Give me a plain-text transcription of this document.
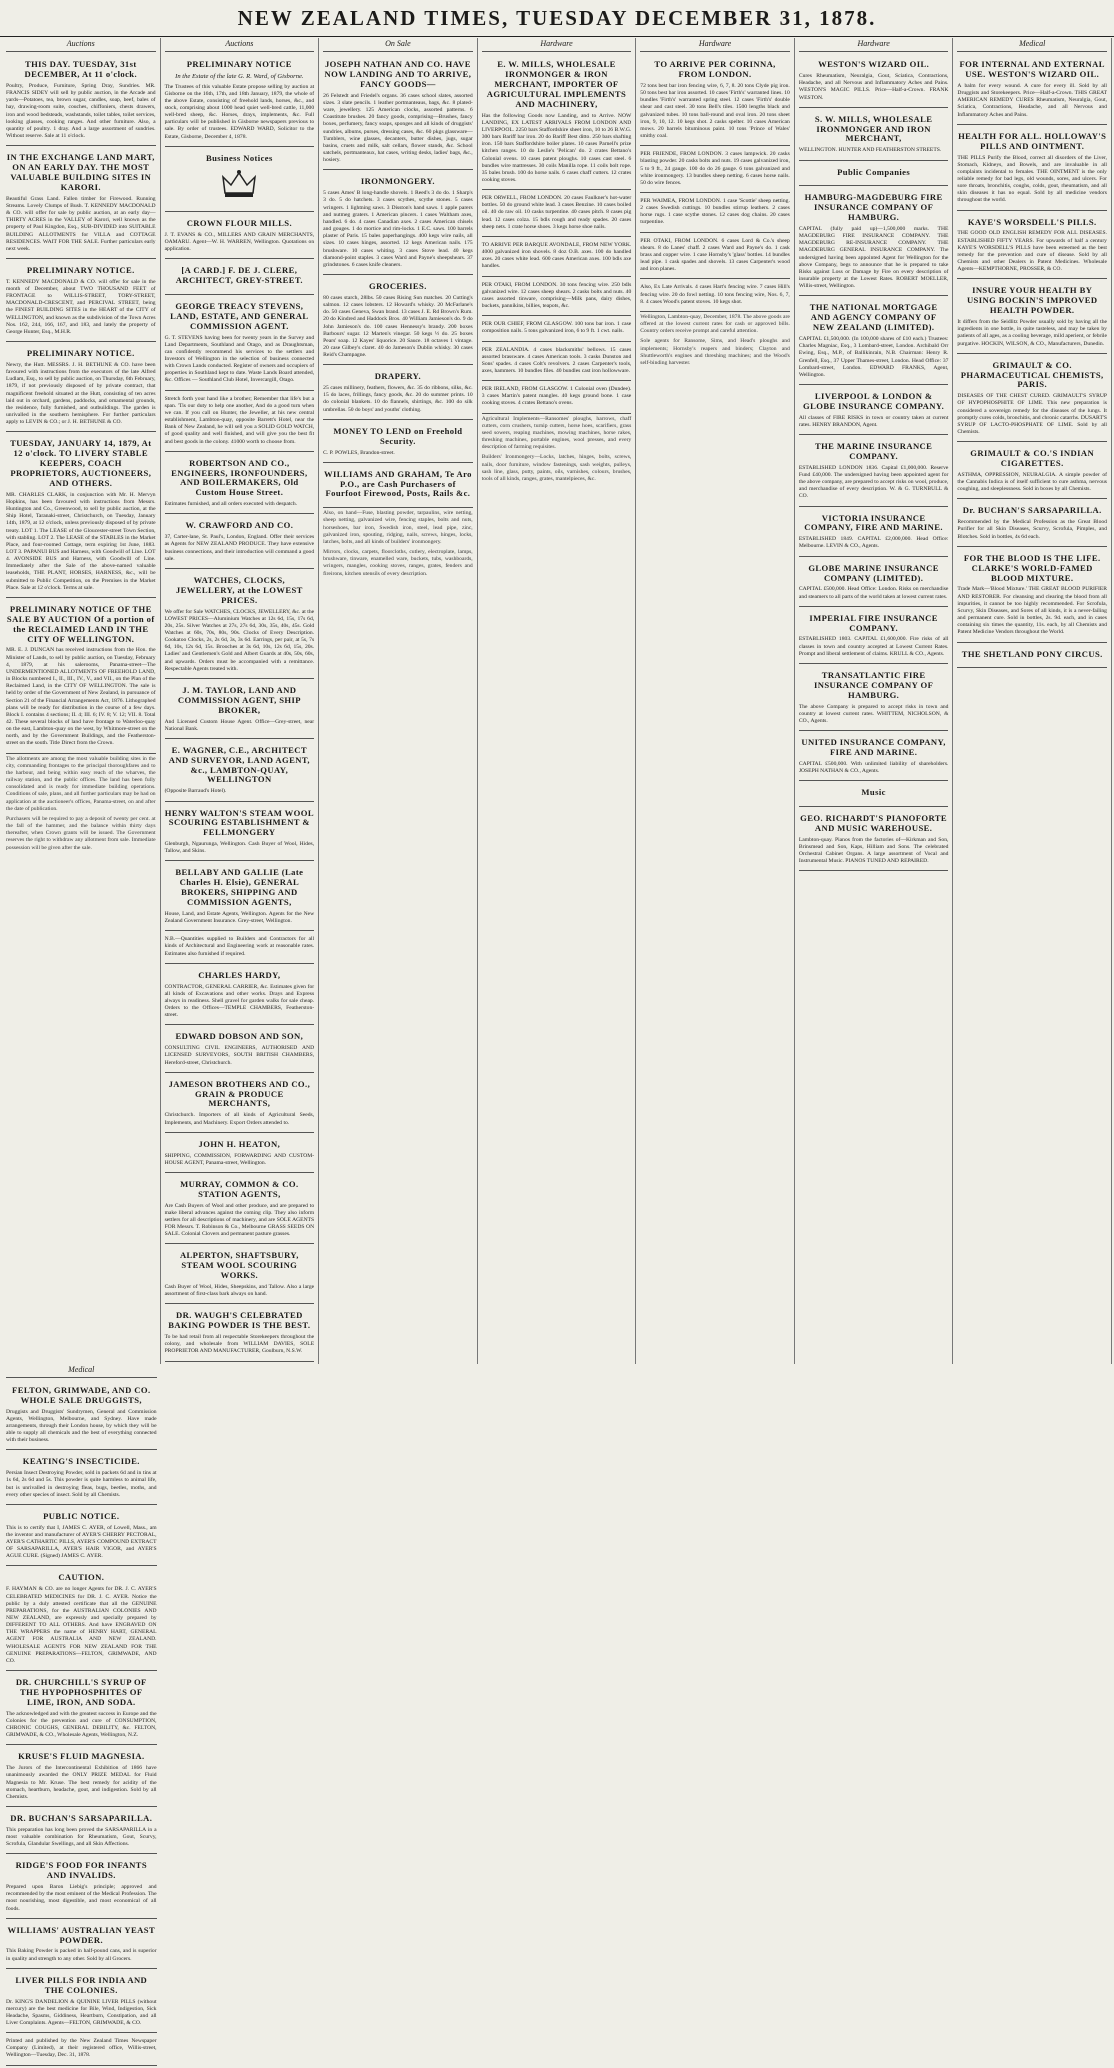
NEW ZEALAND TIMES, TUESDAY DECEMBER 31, 1878.
Auctions
THIS DAY. TUESDAY, 31st DECEMBER, At 11 o'clock.
Poultry, Produce, Furniture, Spring Dray, Sundries. MR. FRANCIS SIDEY will sell by public auction, in the Arcade and yards—Potatoes, tea, brown sugar, candles, soap, beef, bales of hay, drawing-room suite, couches, chiffoniers, chests drawers, iron and wood bedsteads, washstands, toilet tables, toilet services, looking glasses, cooking ranges. And other furniture. Also, a quantity of poultry. 1 dray. And a large assortment of sundries. Without reserve. Sale at 11 o'clock.
IN THE EXCHANGE LAND MART, ON AN EARLY DAY. THE MOST VALUABLE BUILDING SITES IN KARORI.
Beautiful Grass Land. Fallen timber for Firewood. Running Streams. Lovely Clumps of Bush. T. KENNEDY MACDONALD & CO. will offer for sale by public auction, at an early day—THIRTY ACRES in the VALLEY of Karori, well known as the property of Paul Kingdon, Esq., SUB-DIVIDED into SUITABLE BUILDING ALLOTMENTS for VILLA and COTTAGE RESIDENCES. WAIT FOR THE SALE. Further particulars early next week.
PRELIMINARY NOTICE.
T. KENNEDY MACDONALD & CO. will offer for sale in the month of December, about TWO THOUSAND FEET of FRONTAGE to WILLIS-STREET, TORY-STREET, MACDONALD-CRESCENT, and PERCIVAL STREET, being the FINEST BUILDING SITES in the HEART of the CITY of WELLINGTON, and known as the subdivision of the Town Acres Nos. 162, 244, 166, 167, and 183, and lately the property of George Hunter, Esq., M.H.R.
PRELIMINARY NOTICE.
Newry, the Hutt. MESSRS. J. H. BETHUNE & CO. have been favoured with instructions from the executors of the late Alfred Ludlam, Esq., to sell by public auction, on Thursday, 6th February, 1879, if not previously disposed of by private contract, that magnificent freehold situated at the Hutt, consisting of ten acres laid out in orchard, gardens, paddocks, and ornamental grounds, the residence, fully furnished, and outbuildings. The garden is unrivalled in the southern hemisphere. For further particulars apply to LEVIN & CO.; or J. H. BETHUNE & CO.
TUESDAY, JANUARY 14, 1879, At 12 o'clock. TO LIVERY STABLE KEEPERS, COACH PROPRIETORS, AUCTIONEERS, AND OTHERS.
MR. CHARLES CLARK, in conjunction with Mr. H. Mervyn Hopkins, has been favoured with instructions from Messrs. Huntington and Co., Greenwood, to sell by public auction, at the Ship Hotel, Taranaki-street, Christchurch, on Tuesday, January 14th, 1879, at 12 o'clock, unless previously disposed of by private treaty. LOT 1. The LEASE of the Gloucester-street Town Section, with stabling. LOT 2. The LEASE of the STABLES in the Market Place, and four-roomed Cottage, term expiring 1st June, 1883. LOT 3. PAPANUI BUS and Harness, with Goodwill of Line. LOT 4. AVONSIDE BUS and Harness, with Goodwill of Line. Immediately after the Sale of the above-named valuable leaseholds, THE PLANT, HORSES, HARNESS, &c., will be submitted to Public Competition, on the Premises in the Market Place. Sale at 12 o'clock. Terms at sale.
PRELIMINARY NOTICE OF THE SALE BY AUCTION Of a portion of the RECLAIMED LAND IN THE CITY OF WELLINGTON.
MR. E. J. DUNCAN has received instructions from the Hon. the Minister of Lands, to sell by public auction, on Tuesday, February 4, 1879, at his salerooms, Panama-street—The UNDERMENTIONED ALLOTMENTS OF FREEHOLD LAND, in Blocks numbered I., II., III., IV., V., and VII., on the Plan of the Reclaimed Land, in the CITY OF WELLINGTON. The sale is held by order of the Government of New Zealand, in pursuance of Section 21 of the Financial Arrangements Act, 1876. Lithographed plans will be ready for distribution in the course of a few days. Block I. contains 4 sections; II. 4; III. 6; IV. 8; V. 12; VII. 8. Total 42. These several blocks of land have frontage to Waterloo-quay on the east, Lambton-quay on the west, by Whitmore-street on the north, and by the Government Buildings, and the Featherston-street on the south. Title Direct from the Crown.

The allotments are among the most valuable building sites in the city, commanding frontages to the principal thoroughfares and to the harbour, and being within easy reach of the wharves, the railway station, and the public offices. The land has been fully consolidated and is ready for immediate building operations. Conditions of sale, plans, and all further particulars may be had on application at the auctioneer's offices, Panama-street, on and after the date of publication.

Purchasers will be required to pay a deposit of twenty per cent. at the fall of the hammer, and the balance within thirty days thereafter, when Crown grants will be issued. The Government reserves the right to withdraw any allotment from sale. Immediate possession will be given after the sale.

Auctions
PRELIMINARY NOTICE
In the Estate of the late G. R. Ward, of Gisborne.
The Trustees of this valuable Estate propose selling by auction at Gisborne on the 16th, 17th, and 18th January, 1879, the whole of the above Estate, consisting of freehold lands, horses, &c., and stock, comprising about 1000 head quiet well-bred cattle, 11,000 well-bred sheep, &c. Horses, drays, implements, &c. Full particulars will be published in Gisborne newspapers previous to sale. By order of trustees. EDWARD WARD, Solicitor to the Estate, Gisborne, December 4, 1878.
Business Notices
CROWN FLOUR MILLS.
J. T. EVANS & CO., MILLERS AND GRAIN MERCHANTS, OAMARU. Agent—W. H. WARREN, Wellington. Quotations on application.
[A CARD.] F. DE J. CLERE, ARCHITECT, GREY-STREET.
GEORGE TREACY STEVENS, LAND, ESTATE, AND GENERAL COMMISSION AGENT.
G. T. STEVENS having been for twenty years in the Survey and Land Departments, Southland and Otago, and as Draughtsman, can confidently recommend his services to the settlers and Investors of Wellington in the selection of business connected with Crown Lands conducted. Register of owners and occupiers of properties in Southland kept to date. Waste Lands Board attended, &c. Offices — Southland Club Hotel, Invercargill, Otago.
Stretch forth your hand like a brother; Remember that life's but a span. 'Tis our duty to help one another, And do a good turn when we can. If you call on Hunter, the Jeweller, at his new central establishment, Lambton-quay, opposite Barrett's Hotel, near the Bank of New Zealand, he will sell you a SOLID GOLD WATCH, of good quality and well finished, and will give you the best fit and best goods in the colony. 41000 worth to choose from.
ROBERTSON AND CO., ENGINEERS, IRONFOUNDERS, AND BOILERMAKERS, Old Custom House Street.
Estimates furnished, and all orders executed with despatch.
W. CRAWFORD AND CO.
37, Carter-lane, St. Paul's, London, England. Offer their services as Agents for NEW ZEALAND PRODUCE. They have extensive business connections, and their introduction will command a good sale.
WATCHES, CLOCKS, JEWELLERY, at the LOWEST PRICES.
We offer for Sale WATCHES, CLOCKS, JEWELLERY, &c. at the LOWEST PRICES—Aluminium Watches at 12s 6d, 15s, 17s 6d, 20s, 25s. Silver Watches at 27s, 27s 6d, 30s, 35s, 40s, 45s. Gold Watches at 60s, 70s, 80s, 90s. Clocks of Every Description. Cookatoo Clocks, 2s, 2s 6d, 3s, 3s 6d. Earrings, per pair, at 5s, 7s 6d, 10s, 12s 6d, 15s. Brooches at 3s 6d, 10s, 12s 6d, 15s, 20s. Ladies' and Gentlemen's Gold and Albert Guards at 40s, 50s, 60s, and upwards. Orders must be accompanied with a remittance. Respectable Agents treated with.
J. M. TAYLOR, LAND AND COMMISSION AGENT, SHIP BROKER,
And Licensed Custom House Agent. Office—Grey-street, near National Bank.
E. WAGNER, C.E., ARCHITECT AND SURVEYOR, LAND AGENT, &c., LAMBTON-QUAY, WELLINGTON
(Opposite Barraud's Hotel).
HENRY WALTON'S STEAM WOOL SCOURING ESTABLISHMENT & FELLMONGERY
Glenburgh, Ngaurunga, Wellington. Cash Buyer of Wool, Hides, Tallow, and Skins.
BELLABY AND GALLIE (Late Charles H. Elsie), GENERAL BROKERS, SHIPPING AND COMMISSION AGENTS,
House, Land, and Estate Agents, Wellington. Agents for the New Zealand Government Insurance. Grey-street, Wellington.
N.B.—Quantities supplied to Builders and Contractors for all kinds of Architectural and Engineering work at reasonable rates. Estimates also furnished if required.
CHARLES HARDY,
CONTRACTOR, GENERAL CARRIER, &c. Estimates given for all kinds of Excavations and other works. Drays and Express always in readiness. Shell gravel for garden walks for sale cheap. Orders to the Offices—TEMPLE CHAMBERS, Featherston-street.
EDWARD DOBSON AND SON,
CONSULTING CIVIL ENGINEERS, AUTHORISED AND LICENSED SURVEYORS, SOUTH BRITISH CHAMBERS, Hereford-street, Christchurch.
JAMESON BROTHERS AND CO., GRAIN & PRODUCE MERCHANTS,
Christchurch. Importers of all kinds of Agricultural Seeds, Implements, and Machinery. Export Orders attended to.
JOHN H. HEATON,
SHIPPING, COMMISSION, FORWARDING AND CUSTOM-HOUSE AGENT, Panama-street, Wellington.
MURRAY, COMMON & CO. STATION AGENTS,
Are Cash Buyers of Wool and other produce, and are prepared to make liberal advances against the coming clip. They also inform settlers for all descriptions of machinery, and are SOLE AGENTS FOR Messrs. T. Robinson & Co., Melbourne GRASS SEEDS ON SALE. Colonial Clovers and permanent pasture grasses.
ALPERTON, SHAFTSBURY, STEAM WOOL SCOURING WORKS.
Cash Buyer of Wool, Hides, Sheepskins, and Tallow. Also a large assortment of first-class bark always on hand.
DR. WAUGH'S CELEBRATED BAKING POWDER IS THE BEST.
To be had retail from all respectable Storekeepers throughout the colony, and wholesale from WILLIAM DAVIES, SOLE PROPRIETOR AND MANUFACTURER, Goulburn, N.S.W.
On Sale
JOSEPH NATHAN AND CO. HAVE NOW LANDING AND TO ARRIVE, FANCY GOODS—
26 Felstedt and Friedel's organs. 36 cases school slates, assorted sizes. 3 slate pencils. 1 leather portmanteaus, bags, &c. 8 plated-ware, jewellery. 125 American clocks, assorted patterns. 6 Coastitute brushes. 20 fancy goods, comprising—Brushes, fancy boxes, perfumery, fancy soaps, sponges and all kinds of druggists' sundries, albums, purses, dressing cases, &c. 60 pkgs glassware—Tumblers, wine glasses, decanters, butter dishes, jugs, sugar basins, cruets and milk, salt cellars, flower stands, &c. School satchels, portmanteaux, hat cases, writing desks, ladies' bags, &c., hosiery.
IRONMONGERY.
5 cases Ames' B long-handle shovels. 1 Reed's 3 do do. 1 Sharp's 3 do. 5 do hatchets. 3 cases scythes, scythe stones. 5 cases wringers. 1 lightning saws. 3 Disston's hand saws. 1 apple parers and nutmeg graters. 1 American pincers. 1 cases Waltham axes, handled. 6 do. 4 cases Canadian axes. 2 cases American chisels and gouges. 1 do mortice and rim-locks. 1 E.C. saws. 100 barrels plaster of Paris. 15 bales paperhangings. 400 kegs wire nails, all sizes. 10 cases hinges, assorted. 12 kegs American nails. 175 brushware. 10 cases whiting. 3 cases Stove lead. 40 kegs diamond-point staples. 3 cases Ward and Payne's sheepshears. 37 grindstones. 6 cases knife cleaners.
GROCERIES.
80 cases starch, 28lbs. 50 cases Rising Sun matches. 20 Cutting's salmon. 12 cases lobsters. 12 Howard's whisky. 20 McFarlane's do. 50 cases Geneva, Swan brand. 13 cases J. E. Rd Brown's Rum. 20 do Kindred and Haddock Bros. 40 William Jamieson's do. 9 do John Jamieson's do. 100 cases Hennessy's brandy. 200 boxes Barbours' sugar. 12 Marten's vinegar. 50 kegs ½ do. 25 boxes Pears' soap. 12 Kayes' liquorice. 20 Sauce. 18 octaves 1 vintage. 20 case Gilbey's claret. 40 do Jameson's Dublin whisky. 30 cases Reid's Champagne.
DRAPERY.
25 cases millinery, feathers, flowers, &c. 35 do ribbons, silks, &c. 15 do laces, frillings, fancy goods, &c. 20 do summer prints. 10 do colonial blankets. 10 do flannels, shirtings, &c. 100 do silk umbrellas. 50 do boys' and youths' clothing.
MONEY TO LEND on Freehold Security.
C. P. POWLES, Brandon-street.
WILLIAMS AND GRAHAM, Te Aro P.O., are Cash Purchasers of Fourfoot Firewood, Posts, Rails &c.

Also, on hand—Fuse, blasting powder, tarpaulins, wire netting, sheep netting, galvanized wire, fencing staples, bolts and nuts, horseshoes, bar iron, Swedish iron, steel, lead pipe, zinc, galvanized iron, spouting, ridging, nails, screws, hinges, locks, latches, bolts, and all kinds of builders' ironmongery.

Mirrors, clocks, carpets, floorcloths, cutlery, electroplate, lamps, brushware, tinware, enamelled ware, buckets, tubs, washboards, wringers, mangles, cooking stoves, ranges, grates, fenders and fireirons, kitchen utensils of every description.

Hardware
E. W. MILLS, WHOLESALE IRONMONGER & IRON MERCHANT, IMPORTER OF AGRICULTURAL IMPLEMENTS AND MACHINERY,
Has the following Goods now Landing, and to Arrive. NOW LANDING, EX LATEST ARRIVALS FROM LONDON AND LIVERPOOL. 2250 bars Staffordshire sheet iron, 10 to 26 B.W.G. 300 bars Bariff bar iron. 20 do Bariff Best ditto. 250 bars shafting iron. 150 bars Staffordshire boiler plates. 10 cases Parnell's prize kitchen ranges. 10 do Leslie's 'Pelican' do. 2 crates Bettano's Colonial ovens. 10 cases patent ploughs. 10 cases cast steel. 6 bundles wire mattresses. 30 coils Manilla rope. 11 coils bolt rope. 35 bales brush. 100 do horse nails. 6 cases chaff cutters. 12 crates cooking stoves.
PER ORWELL, FROM LONDON. 20 cases Faulkner's hot-water bottles. 50 do ground white lead. 3 cases Benzine. 10 cases boiled oil. 40 do raw oil. 10 casks turpentine. 40 cases pitch. 8 cases pig lead. 12 cases colza. 15 bdls rough and ready spades. 20 cases sheep nets. 1 crate horse shoes. 3 kegs horse shoe nails.
TO ARRIVE PER BARQUE AVONDALE, FROM NEW YORK. 4000 galvanized iron shovels. 8 doz O.B. axes. 100 do handled axes. 20 cases white lead. 600 cases American axes. 100 bdls axe handles.
PER OTAKI, FROM LONDON. 30 tons fencing wire. 250 bdls galvanized wire. 12 cases sheep shears. 2 casks bolts and nuts. 40 cases assorted tinware, comprising—Milk pans, dairy dishes, buckets, pannikins, billies, teapots, &c.
PER OUR CHIEF, FROM GLASGOW. 100 tons bar iron. 1 case composition nails. 5 tons galvanized iron, 6 to 9 ft. 1 cwt. nails.
PER ZEALANDIA. 4 cases blacksmiths' bellows. 15 cases assorted brassware. 4 cases American tools. 3 casks Dunston and Sons' spades. 4 cases Colt's revolvers. 2 cases Carpenter's tools, axes, hammers. 10 bundles files. 40 bundles cast iron hollowware.
PER IRELAND, FROM GLASGOW. 1 Colonial oven (Dundee). 3 cases Martin's patent mangles. 40 kegs ground bone. 1 case cooking stoves. 4 crates Bettano's ovens.

Agricultural Implements—Ransomes' ploughs, harrows, chaff cutters, corn crushers, turnip cutters, horse hoes, scarifiers, grass seed sowers, reaping machines, mowing machines, horse rakes, threshing machines, portable engines, wool presses, and every description of farming requisites.

Builders' Ironmongery—Locks, latches, hinges, bolts, screws, nails, door furniture, window fastenings, sash weights, pulleys, sash line, glass, putty, paints, oils, varnishes, colours, brushes, tools of all kinds, ranges, grates, mantelpieces, &c.

Hardware
TO ARRIVE PER CORINNA, FROM LONDON.
72 tons best bar iron fencing wire, 6, 7, 8. 20 tons Clyde pig iron. 50 tons best bar iron assorted. 10 cases 'Firth's' warranted lines. 10 bundles 'Firth's' warranted spring steel. 12 cases 'Firth's' double shear and cast steel. 30 tons Bell's tiles. 1500 lengths black and galvanized tubes. 10 tons ball-round and oval iron. 20 tons sheet iron, 9, 10, 12. 10 kegs shot. 2 casks spelter. 10 cases American mows. 20 barrels bituminous paint. 10 tons 'Prince of Wales' smithy coal.
PER FRIENDE, FROM LONDON. 3 cases lampwick. 20 casks blasting powder. 20 casks bolts and nuts. 19 cases galvanized iron, 5 to 9 ft., 24 gauge. 100 do do 26 gauge. 6 tons galvanized and white ironmongery. 13 bundles sheep netting. 6 cases horse nails. 50 do wire fences.
PER WAIMEA, FROM LONDON. 1 case 'Scottie' sheep netting. 2 cases Swedish cuttings. 10 bundles stirrup leathers. 2 cases horse rugs. 1 case scythe stones. 12 cases dog chains. 20 cases turpentine.
PER OTAKI, FROM LONDON. 6 cases Lord & Co.'s sheep shears. 8 do Lanes' chaff. 2 cases Ward and Payne's do. 1 cask brass and copper wire. 1 case Hornsby's 'glass' bottles. 14 bundles lead pipe. 1 cask spades and shovels. 13 cases Carpenter's wood and iron planes.
Also, Ex Late Arrivals. 4 cases Hart's fencing wire. 7 cases Hill's fencing wire. 20 do fowl netting. 10 tons fencing wire, Nos. 6, 7, 8. 4 cases Wood's patent stoves. 10 kegs shot.

Wellington, Lambton-quay, December, 1878. The above goods are offered at the lowest current rates for cash or approved bills. Country orders receive prompt and careful attention.

Sole agents for Ransome, Sims, and Head's ploughs and implements; Hornsby's reapers and binders; Clayton and Shuttleworth's engines and threshing machines; and the Wood's self-binding harvester.

Hardware
WESTON'S WIZARD OIL.
Cures Rheumatism, Neuralgia, Gout, Sciatica, Contractions, Headache, and all Nervous and Inflammatory Aches and Pains. WESTON'S MAGIC PILLS. Price—Half-a-Crown. FRANK WESTON.
S. W. MILLS, WHOLESALE IRONMONGER AND IRON MERCHANT,
WELLINGTON. HUNTER AND FEATHERSTON STREETS.
Public Companies
HAMBURG-MAGDEBURG FIRE INSURANCE COMPANY OF HAMBURG.
CAPITAL (fully paid up)—1,500,000 marks. THE MAGDEBURG FIRE INSURANCE COMPANY. THE MAGDEBURG RE-INSURANCE COMPANY. THE MAGDEBURG GENERAL INSURANCE COMPANY. The undersigned having been appointed Agent for Wellington for the above Company, begs to announce that he is prepared to take Risks against Loss or Damage by Fire on every description of insurable property at the Lowest Rates. ROBERT MOELLER, Willis-street, Wellington.
THE NATIONAL MORTGAGE AND AGENCY COMPANY OF NEW ZEALAND (LIMITED).
CAPITAL £1,500,000. (In 100,000 shares of £10 each.) Trustees: Charles Magniac, Esq., 3 Lombard-street, London. Archibald Orr Ewing, Esq., M.P., of Ballikinrain, N.B. Chairman: Henry R. Grenfell, Esq., 37 Upper Thames-street, London. Head Office: 37 Lombard-street, London. EDWARD FRANKS, Agent, Wellington.
LIVERPOOL & LONDON & GLOBE INSURANCE COMPANY.
All classes of FIRE RISKS in town or country taken at current rates. HENRY BRANDON, Agent.
THE MARINE INSURANCE COMPANY.
ESTABLISHED LONDON 1836. Capital £1,000,000. Reserve Fund £40,000. The undersigned having been appointed agent for the above company, are prepared to accept risks on wool, produce, and merchandise of every description. W. & G. TURNBULL & CO.
VICTORIA INSURANCE COMPANY, FIRE AND MARINE.
ESTABLISHED 1849. CAPITAL £2,000,000. Head Office: Melbourne. LEVIN & CO., Agents.
GLOBE MARINE INSURANCE COMPANY (LIMITED).
CAPITAL £500,000. Head Office: London. Risks on merchandise and steamers to all parts of the world taken at lowest current rates.
IMPERIAL FIRE INSURANCE COMPANY.
ESTABLISHED 1803. CAPITAL £1,600,000. Fire risks of all classes in town and country accepted at Lowest Current Rates. Prompt and liberal settlement of claims. KRULL & CO., Agents.
TRANSATLANTIC FIRE INSURANCE COMPANY OF HAMBURG.
The above Company is prepared to accept risks in town and country at lowest current rates. WHITTEM, NICHOLSON, & CO., Agents.
UNITED INSURANCE COMPANY, FIRE AND MARINE.
CAPITAL £500,000. With unlimited liability of shareholders. JOSEPH NATHAN & CO., Agents.
Music
GEO. RICHARDT'S PIANOFORTE AND MUSIC WAREHOUSE.
Lambton-quay. Pianos from the factories of—Kirkman and Son, Brinsmead and Son, Kaps, Hilliam and Sons. The celebrated Orchestral Cabinet Organs. A large assortment of Vocal and Instrumental Music. PIANOS TUNED AND REPAIRED.
Medical
FOR INTERNAL AND EXTERNAL USE. WESTON'S WIZARD OIL.
A balm for every wound. A cure for every ill. Sold by all Druggists and Storekeepers. Price—Half-a-Crown. THIS GREAT AMERICAN REMEDY CURES Rheumatism, Neuralgia, Gout, Sciatica, Contractions, Headache, and all Nervous and Inflammatory Aches and Pains.
HEALTH FOR ALL. HOLLOWAY'S PILLS AND OINTMENT.
THE PILLS Purify the Blood, correct all disorders of the Liver, Stomach, Kidneys, and Bowels, and are invaluable in all complaints incidental to females. THE OINTMENT is the only reliable remedy for bad legs, old wounds, sores, and ulcers. For sore throats, bronchitis, coughs, colds, gout, rheumatism, and all skin diseases it has no equal. Sold by all medicine vendors throughout the world.
KAYE'S WORSDELL'S PILLS.
THE GOOD OLD ENGLISH REMEDY FOR ALL DISEASES. ESTABLISHED FIFTY YEARS. For upwards of half a century KAYE'S WORSDELL'S PILLS have been esteemed as the best remedy for the prevention and cure of disease. Sold by all Chemists and other Dealers in Patent Medicines. Wholesale Agents—KEMPTHORNE, PROSSER, & CO.
INSURE YOUR HEALTH BY USING BOCKIN'S IMPROVED HEALTH POWDER.
It differs from the Seidlitz Powder usually sold by having all the ingredients in one bottle, in quite tasteless, and may be taken by patients of all ages, as a cooling beverage, mild aperient, or febrile purgative. HOCKIN, WILSON, & CO., Manufacturers, Dunedin.
GRIMAULT & CO. PHARMACEUTICAL CHEMISTS, PARIS.
DISEASES OF THE CHEST CURED. GRIMAULT'S SYRUP OF HYPOPHOSPHITE OF LIME. This new preparation is considered a sovereign remedy for the diseases of the lungs. It promptly cures colds, bronchitis, and chronic catarrhs. DUSART'S SYRUP OF LACTO-PHOSPHATE OF LIME. Sold by all Chemists.
GRIMAULT & CO.'S INDIAN CIGARETTES.
ASTHMA, OPPRESSION, NEURALGIA. A simple powder of the Cannabis Indica is of itself sufficient to cure asthma, nervous coughing, and sleeplessness. Sold in boxes by all Chemists.
Dr. BUCHAN'S SARSAPARILLA.
Recommended by the Medical Profession as the Great Blood Purifier for all Skin Diseases, Scurvy, Scrofula, Pimples, and Blotches. Sold in bottles, 4s 6d each.
FOR THE BLOOD IS THE LIFE. CLARKE'S WORLD-FAMED BLOOD MIXTURE.
Trade Mark—'Blood Mixture.' THE GREAT BLOOD PURIFIER AND RESTORER. For cleansing and clearing the blood from all impurities, it cannot be too highly recommended. For Scrofula, Scurvy, Skin Diseases, and Sores of all kinds, it is a never-failing and permanent cure. Sold in bottles, 2s. 9d. each, and in cases containing six times the quantity, 11s. each, by all Chemists and Patent Medicine Vendors throughout the World.
THE SHETLAND PONY CIRCUS.
Medical
FELTON, GRIMWADE, AND CO. WHOLE SALE DRUGGISTS,
Druggists and Druggists' Sundrymen, General and Commission Agents, Wellington, Melbourne, and Sydney. Have made arrangements, through their London house, by which they will be able to supply all chemicals and the best of everything connected with their business.
KEATING'S INSECTICIDE.
Persian Insect Destroying Powder, sold in packets 6d and in tins at 1s 6d, 2s 6d and 5s. This powder is quite harmless to animal life, but is unrivalled in destroying fleas, bugs, beetles, moths, and every other species of insect. Sold by all Chemists.
PUBLIC NOTICE.
This is to certify that I, JAMES C. AYER, of Lowell, Mass., am the inventor and manufacturer of AYER'S CHERRY PECTORAL, AYER'S CATHARTIC PILLS, AYER'S COMPOUND EXTRACT OF SARSAPARILLA, AYER'S HAIR VIGOR, and AYER'S AGUE CURE. (Signed) JAMES C. AYER.
CAUTION.
F. HAYMAN & CO. are no longer Agents for DR. J. C. AYER'S CELEBRATED MEDICINES for DR. J. C. AYER. Notice the public by a duly attested certificate that all the GENUINE PREPARATIONS, for the AUSTRALIAN COLONIES AND NEW ZEALAND, are expressly and specially prepared by DIFFERENT TO ALL OTHERS. And have ENGRAVED ON THE WRAPPERS the name of HENRY HART, GENERAL AGENT FOR AUSTRALIA AND NEW ZEALAND. WHOLESALE AGENTS FOR NEW ZEALAND FOR THE GENUINE PREPARATIONS—FELTON, GRIMWADE, AND CO.
DR. CHURCHILL'S SYRUP OF THE HYPOPHOSPHITES OF LIME, IRON, AND SODA.
The acknowledged and with the greatest success in Europe and the Colonies for the prevention and cure of CONSUMPTION, CHRONIC COUGHS, GENERAL DEBILITY, &c. FELTON, GRIMWADE, & CO., Wholesale Agents, Wellington, N.Z.
KRUSE'S FLUID MAGNESIA.
The Jurors of the Intercontinental Exhibition of 1866 have unanimously awarded the ONLY PRIZE MEDAL for Fluid Magnesia to Mr. Kruse. The best remedy for acidity of the stomach, heartburn, headache, gout, and indigestion. Sold by all Chemists.
DR. BUCHAN'S SARSAPARILLA.
This preparation has long been proved the SARSAPARILLA in a most valuable combination for Rheumatism, Gout, Scurvy, Scrofula, Glandular Swellings, and all Skin Affections.
RIDGE'S FOOD FOR INFANTS AND INVALIDS.
Prepared upon Baron Liebig's principle; approved and recommended by the most eminent of the Medical Profession. The most nourishing, most digestible, and most economical of all foods.
WILLIAMS' AUSTRALIAN YEAST POWDER.
This Baking Powder is packed in half-pound cans, and is superior in quality and strength to any other. Sold by all Grocers.
LIVER PILLS FOR INDIA AND THE COLONIES.
Dr. KING'S DANDELION & QUININE LIVER PILLS (without mercury) are the best medicine for Bile, Wind, Indigestion, Sick Headache, Spasms, Giddiness, Heartburn, Constipation, and all Liver Complaints. Agents—FELTON, GRIMWADE, & CO.
Printed and published by the New Zealand Times Newspaper Company (Limited), at their registered office, Willis-street, Wellington—Tuesday, Dec. 31, 1878.
